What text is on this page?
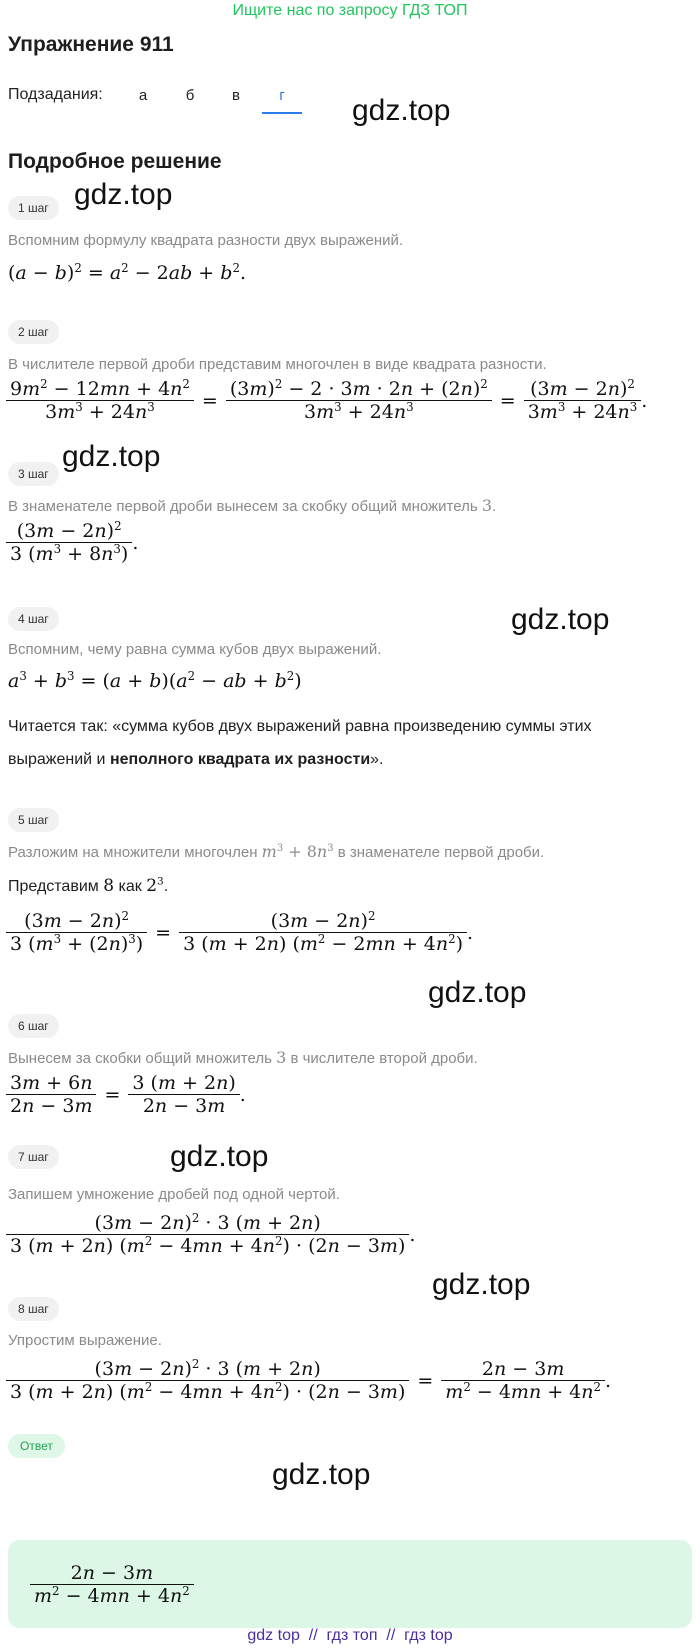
Ищите нас по запросу ГДЗ ТОП
Упражнение 911
Подзадания:	а	б	в	г	gdz.top
Подробное решение
1 шаг gdz.top
Вспомним формулу квадрата разности двух выражений.
$(a - b)^2 = a^2 - 2ab + b^2$.
2 шаг
В числителе первой дроби представим многочлен в виде квадрата разности.
$\frac{9m^2 - 12mn + 4n^2}{3m^3 + 24n^3} = \frac{(3m)^2 - 2 \cdot 3m \cdot 2n + (2n)^2}{3m^3 + 24n^3} = \frac{(3m - 2n)^2}{3m^3 + 24n^3}$ .
3 шаг
gdz.top
В знаменателе первой дроби вынесем за скобку общий множитель 3.
$\frac{(3m - 2n)^2}{3 (m^3 + 8n^3)}$ .
4 шаг	gdz.top
Вспомним, чему равна сумма кубов двух выражений.
$a^3 + b^3 = (a + b)(a^2$ − ab + $b^2$)
Читается так: «сумма кубов двух выражений равна произведению суммы этих
выражений и неполного квадрата их разности».
5 шаг
Разложим на множители многочлен $m^3 + 8n^3$ в знаменателе первой дроби.
Представим 8 как $2^3$.
$\frac{(3m - 2n)^2}{3 (m^3 + (2n)^3)} = \frac{(3m - 2n)^2}{3 (m + 2n) (m^2 - 2mn + 4n^2)}$ .
gdz.top
6 шаг
Вынесем за скобки общий множитель 3 в числителе второй дроби.
$\frac{3m + 6n}{2n - 3m} = \frac{3 (m + 2n)}{2n - 3m}$ .
7 шаг	gdz.top
Запишем умножение дробей под одной чертой.
$\frac{(3m - 2n)^2 \cdot 3 (m + 2n)}{3 (m + 2n) (m^2 - 4mn + 4n^2) \cdot (2n - 3m)}$ .
gdz.top
8 шаг
Упростим выражение.
$\frac{(3m - 2n)^2 \cdot 3 (m + 2n)}{3 (m + 2n) (m^2 - 4mn + 4n^2) \cdot (2n - 3m)} = \frac{2n - 3m}{m^2 - 4mn + 4n^2}$ .
Ответ
gdz.top
$\frac{2n - 3m}{m^2 - 4mn + 4n^2}$
gdz top  //  гдз топ  //  гдз top
